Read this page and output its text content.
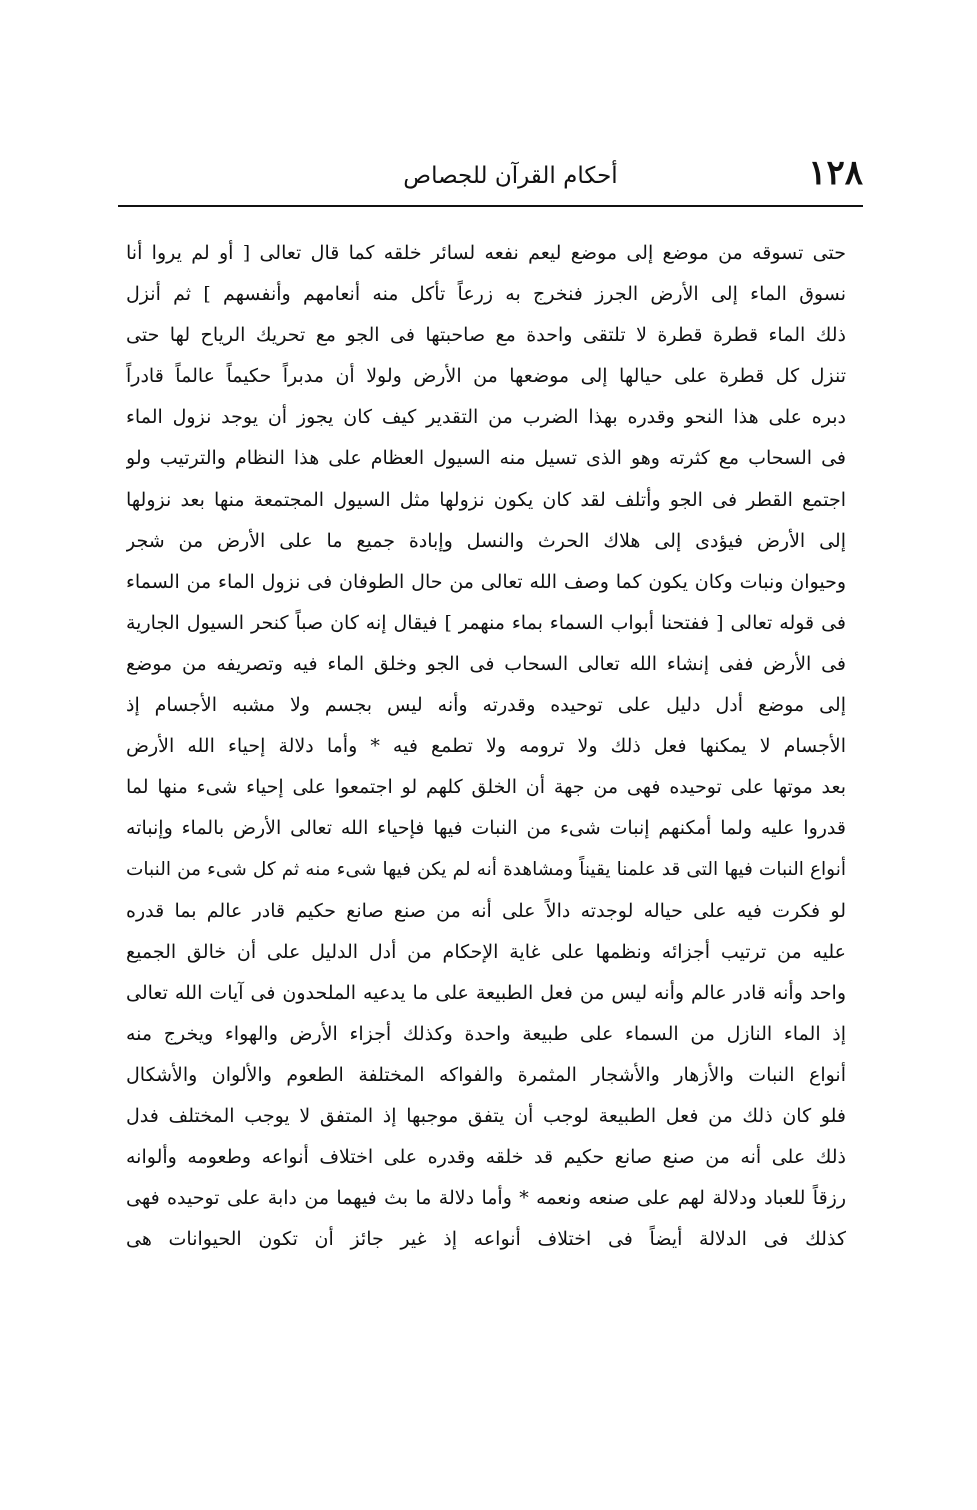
١٢٨
أحكام القرآن للجصاص
حتى تسوقه من موضع إلى موضع ليعم نفعه لسائر خلقه كما قال تعالى [ أو لم يروا أنا
نسوق الماء إلى الأرض الجرز فنخرج به زرعاً تأكل منه أنعامهم وأنفسهم ] ثم أنزل
ذلك الماء قطرة قطرة لا تلتقى واحدة مع صاحبتها فى الجو مع تحريك الرياح لها حتى
تنزل كل قطرة على حيالها إلى موضعها من الأرض ولولا أن مدبراً حكيماً عالماً قادراً
دبره على هذا النحو وقدره بهذا الضرب من التقدير كيف كان يجوز أن يوجد نزول الماء
فى السحاب مع كثرته وهو الذى تسيل منه السيول العظام على هذا النظام والترتيب ولو
اجتمع القطر فى الجو وأتلف لقد كان يكون نزولها مثل السيول المجتمعة منها بعد نزولها
إلى الأرض فيؤدى إلى هلاك الحرث والنسل وإبادة جميع ما على الأرض من شجر
وحيوان ونبات وكان يكون كما وصف الله تعالى من حال الطوفان فى نزول الماء من السماء
فى قوله تعالى [ ففتحنا أبواب السماء بماء منهمر ] فيقال إنه كان صباً كنحر السيول الجارية
فى الأرض ففى إنشاء الله تعالى السحاب فى الجو وخلق الماء فيه وتصريفه من موضع
إلى موضع أدل دليل على توحيده وقدرته وأنه ليس بجسم ولا مشبه الأجسام إذ
الأجسام لا يمكنها فعل ذلك ولا ترومه ولا تطمع فيه * وأما دلالة إحياء الله الأرض
بعد موتها على توحيده فهى من جهة أن الخلق كلهم لو اجتمعوا على إحياء شىء منها لما
قدروا عليه ولما أمكنهم إنبات شىء من النبات فيها فإحياء الله تعالى الأرض بالماء وإنباته
أنواع النبات فيها التى قد علمنا يقيناً ومشاهدة أنه لم يكن فيها شىء منه ثم كل شىء من النبات
لو فكرت فيه على حياله لوجدته دالاً على أنه من صنع صانع حكيم قادر عالم بما قدره
عليه من ترتيب أجزائه ونظمها على غاية الإحكام من أدل الدليل على أن خالق الجميع
واحد وأنه قادر عالم وأنه ليس من فعل الطبيعة على ما يدعيه الملحدون فى آيات الله تعالى
إذ الماء النازل من السماء على طبيعة واحدة وكذلك أجزاء الأرض والهواء ويخرج منه
أنواع النبات والأزهار والأشجار المثمرة والفواكه المختلفة الطعوم والألوان والأشكال
فلو كان ذلك من فعل الطبيعة لوجب أن يتفق موجبها إذ المتفق لا يوجب المختلف فدل
ذلك على أنه من صنع صانع حكيم قد خلقه وقدره على اختلاف أنواعه وطعومه وألوانه
رزقاً للعباد ودلالة لهم على صنعه ونعمه * وأما دلالة ما بث فيهما من دابة على توحيده فهى
كذلك فى الدلالة أيضاً فى اختلاف أنواعه إذ غير جائز أن تكون الحيوانات هى
